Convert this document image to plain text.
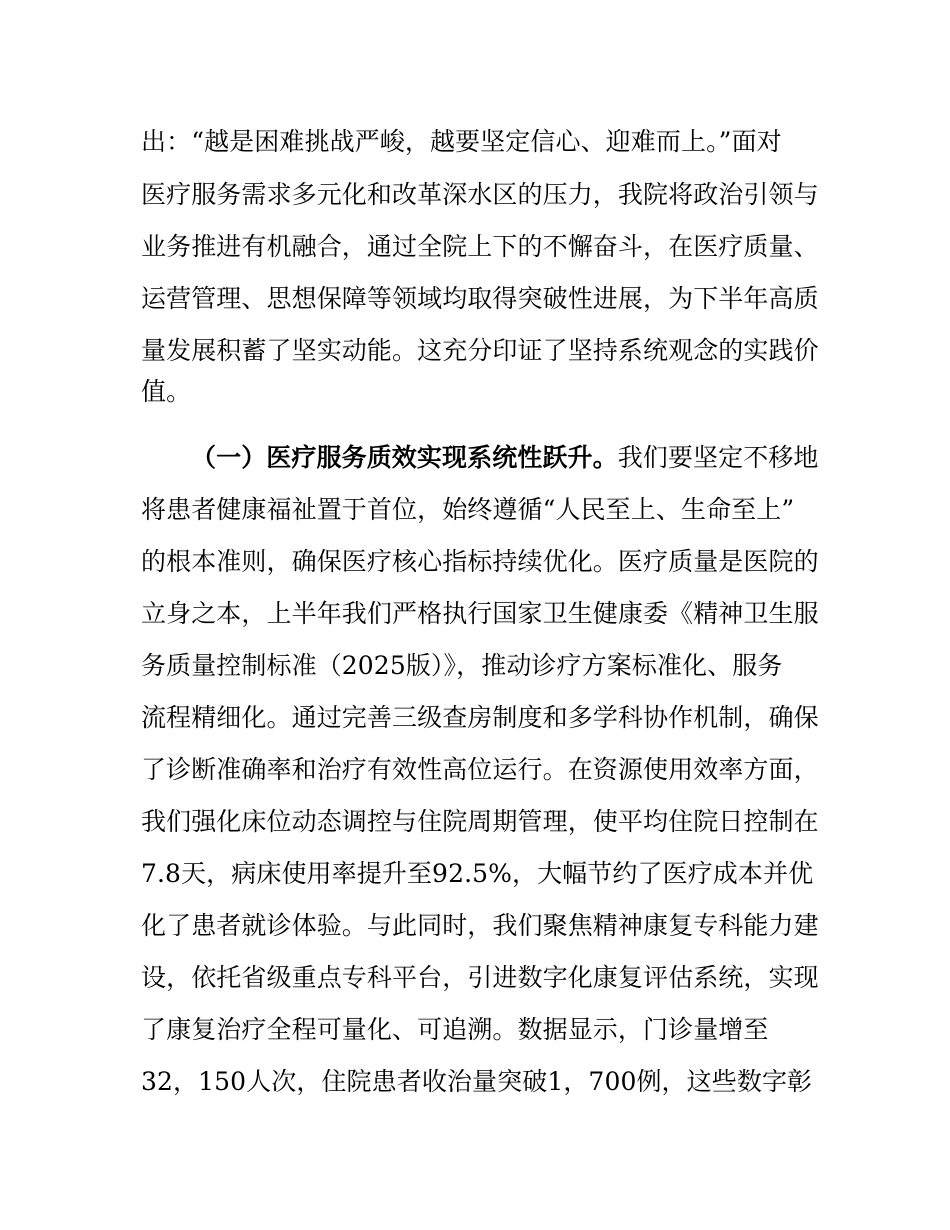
出：“越是困难挑战严峻，越要坚定信心、迎难而上。”面对
医疗服务需求多元化和改革深水区的压力，我院将政治引领与
业务推进有机融合，通过全院上下的不懈奋斗，在医疗质量、
运营管理、思想保障等领域均取得突破性进展，为下半年高质
量发展积蓄了坚实动能。这充分印证了坚持系统观念的实践价
值。
（一）医疗服务质效实现系统性跃升。我们要坚定不移地
将患者健康福祉置于首位，始终遵循“人民至上、生命至上”
的根本准则，确保医疗核心指标持续优化。医疗质量是医院的
立身之本，上半年我们严格执行国家卫生健康委《精神卫生服
务质量控制标准（2025版）》，推动诊疗方案标准化、服务
流程精细化。通过完善三级查房制度和多学科协作机制，确保
了诊断准确率和治疗有效性高位运行。在资源使用效率方面，
我们强化床位动态调控与住院周期管理，使平均住院日控制在
7.8天，病床使用率提升至92.5%，大幅节约了医疗成本并优
化了患者就诊体验。与此同时，我们聚焦精神康复专科能力建
设，依托省级重点专科平台，引进数字化康复评估系统，实现
了康复治疗全程可量化、可追溯。数据显示，门诊量增至
32，150人次，住院患者收治量突破1，700例，这些数字彰
